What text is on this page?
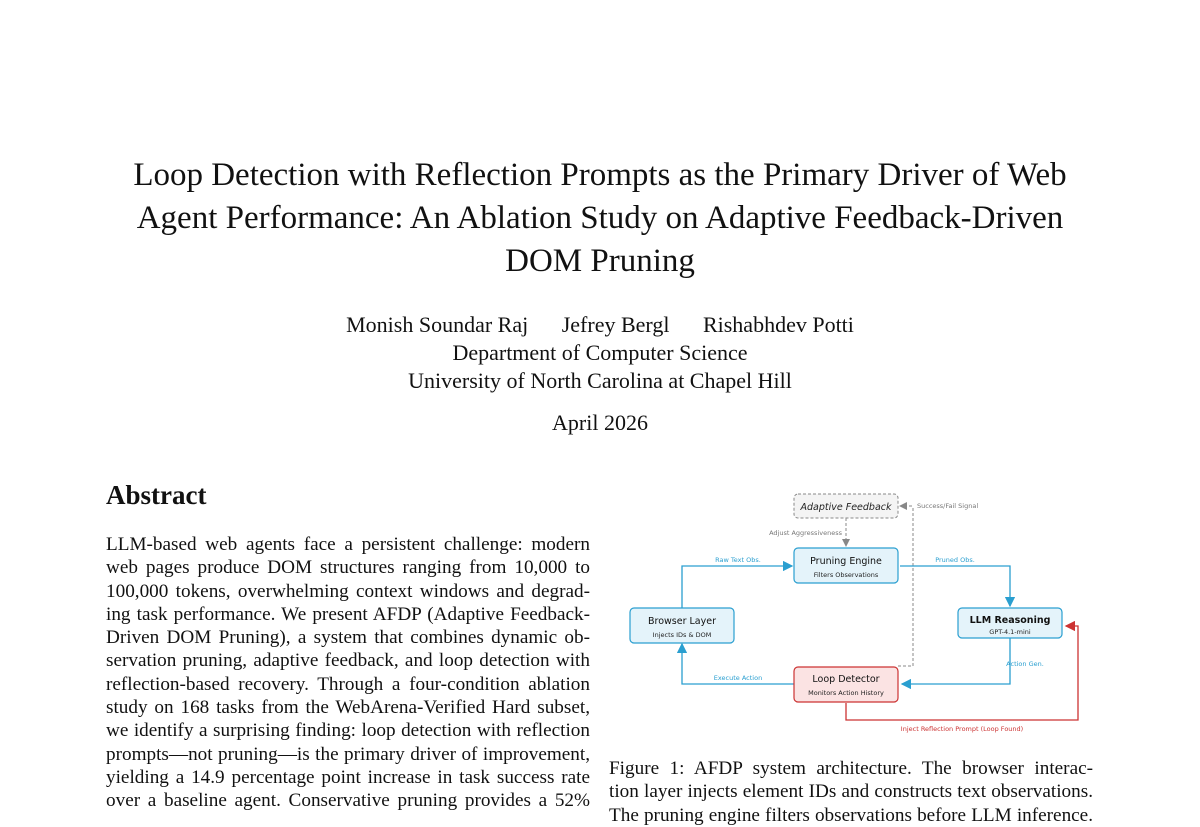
Loop Detection with Reflection Prompts as the Primary Driver of Web
Agent Performance: An Ablation Study on Adaptive Feedback-Driven
DOM Pruning
Monish Soundar Raj Jefrey Bergl Rishabhdev Potti
Department of Computer Science
University of North Carolina at Chapel Hill
April 2026
Abstract
LLM-based web agents face a persistent challenge: modern
web pages produce DOM structures ranging from 10,000 to
100,000 tokens, overwhelming context windows and degrad-
ing task performance. We present AFDP (Adaptive Feedback-
Driven DOM Pruning), a system that combines dynamic ob-
servation pruning, adaptive feedback, and loop detection with
reflection-based recovery. Through a four-condition ablation
study on 168 tasks from the WebArena-Verified Hard subset,
we identify a surprising finding: loop detection with reflection
prompts—not pruning—is the primary driver of improvement,
yielding a 14.9 percentage point increase in task success rate
over a baseline agent. Conservative pruning provides a 52%
Adaptive Feedback
Pruning Engine
Filters Observations
Browser Layer
Injects IDs & DOM
LLM Reasoning
GPT-4.1-mini
Loop Detector
Monitors Action History
Success/Fail Signal
Adjust Aggressiveness
Raw Text Obs.	Pruned Obs.
Action Gen.
Execute Action
Inject Reflection Prompt (Loop Found)
Figure 1: AFDP system architecture. The browser interac-
tion layer injects element IDs and constructs text observations.
The pruning engine filters observations before LLM inference.
